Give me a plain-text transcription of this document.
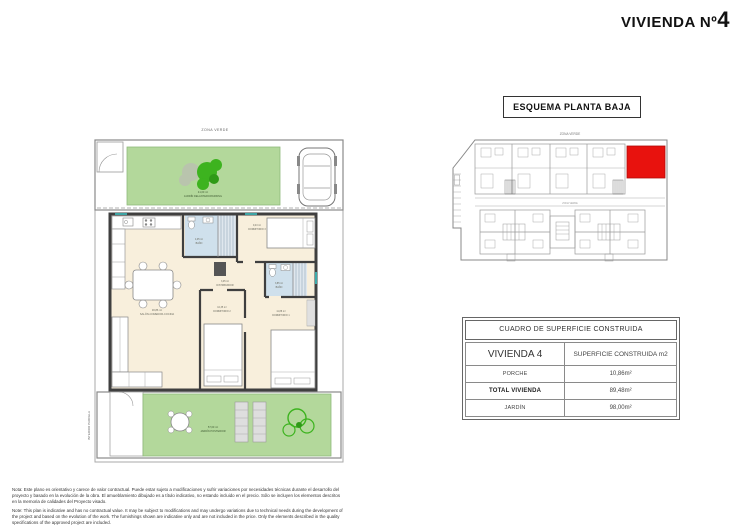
VIVIENDA Nº4
ZONA VERDE
41,00 m²
JARDÍN DELANTERO/PARKING
30,86 m²
SALÓN-COMEDOR-COCINA
4,05 m²
BAÑO
9,43 m²
DORMITORIO 3
3,05 m²
DISTRIBUIDOR
10,35 m²
DORMITORIO 2
3,85 m²
BAÑO
11,88 m²
DORMITORIO 1
57,00 m²
JARDÍN POSTERIOR
INTERIOR PARCELA
ESQUEMA PLANTA BAJA
ZONA VERDE
ZONA VERDE
CUADRO DE SUPERFICIE CONSTRUIDA
VIVIENDA 4	SUPERFICIE CONSTRUIDA m2
PORCHE	10,86m²
TOTAL VIVIENDA	89,48m²
JARDÍN	98,00m²

Nota: Este plano es orientativo y carece de valor contractual. Puede estar sujeto a modificaciones y sufrir variaciones por necesidades técnicas durante el desarrollo del proyecto y basado en la evolución de la obra. El amueblamiento dibujado es a título indicativo, no estando incluido en el precio. Sólo se incluyen los elementos descritos en la memoria de calidades del Proyecto visado.

Note: This plan is indicative and has no contractual value. It may be subject to modifications and may undergo variations due to technical needs during the development of the project and based on the evolution of the work. The furnishings shown are indicative only and are not included in the price. Only the elements described in the quality specifications of the approved project are included.
